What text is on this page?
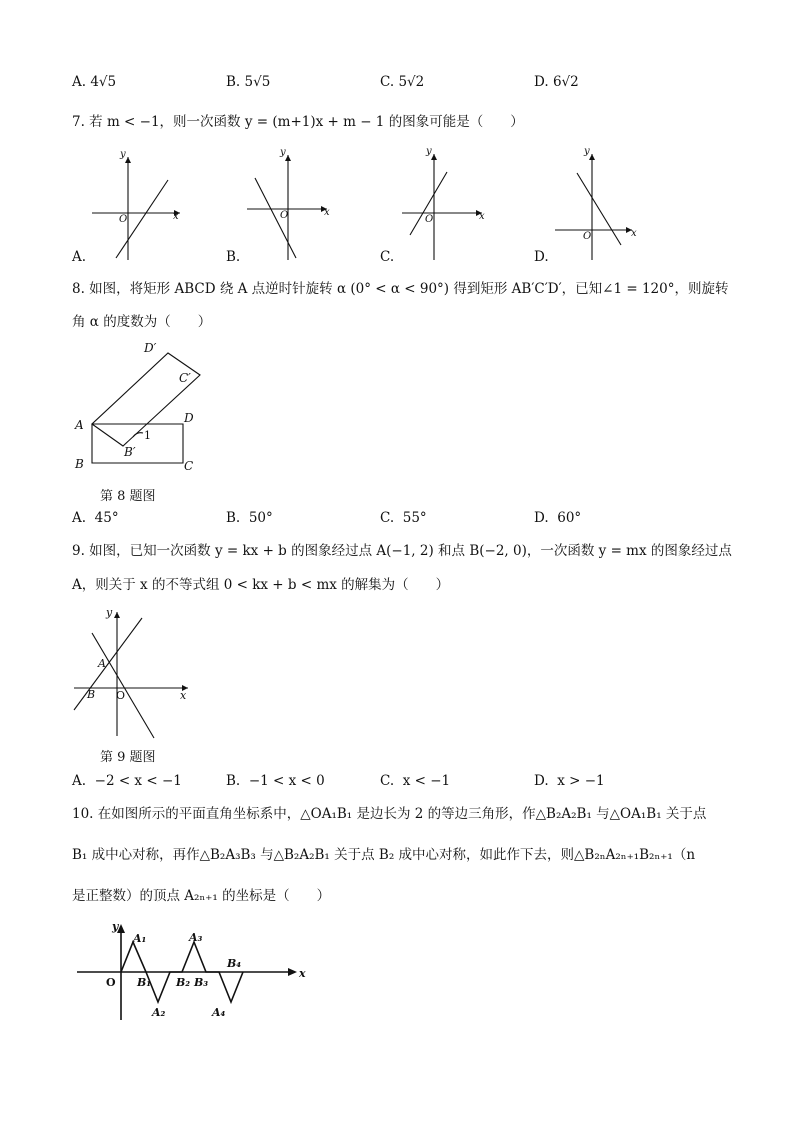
A. 4√5	B. 5√5	C. 5√2	D. 6√2
7. 若 m < −1，则一次函数 y = (m+1)x + m − 1 的图象可能是（　　）
y
x
O
y
x
O
y
x
O
y
x
O
A.	B.	C.	D.
8. 如图，将矩形 ABCD 绕 A 点逆时针旋转 α (0° < α < 90°) 得到矩形 AB′C′D′，已知∠1 = 120°，则旋转
角 α 的度数为（　　）
A
B	C
D
B′
C′
D′
1
第 8 题图
A. 45°	B. 50°	C. 55°	D. 60°
9. 如图，已知一次函数 y = kx + b 的图象经过点 A(−1, 2) 和点 B(−2, 0)，一次函数 y = mx 的图象经过点
A，则关于 x 的不等式组 0 < kx + b < mx 的解集为（　　）
y
x
A
B O
第 9 题图
A. −2 < x < −1	B. −1 < x < 0	C. x < −1	D. x > −1
10. 在如图所示的平面直角坐标系中，△OA₁B₁ 是边长为 2 的等边三角形，作△B₂A₂B₁ 与△OA₁B₁ 关于点
B₁ 成中心对称，再作△B₂A₃B₃ 与△B₂A₂B₁ 关于点 B₂ 成中心对称，如此作下去，则△B₂ₙA₂ₙ₊₁B₂ₙ₊₁（n
是正整数）的顶点 A₂ₙ₊₁ 的坐标是（　　）
y
x
O
A₁
A₂
A₃
A₄
B₁ B₂ B₃
B₄
